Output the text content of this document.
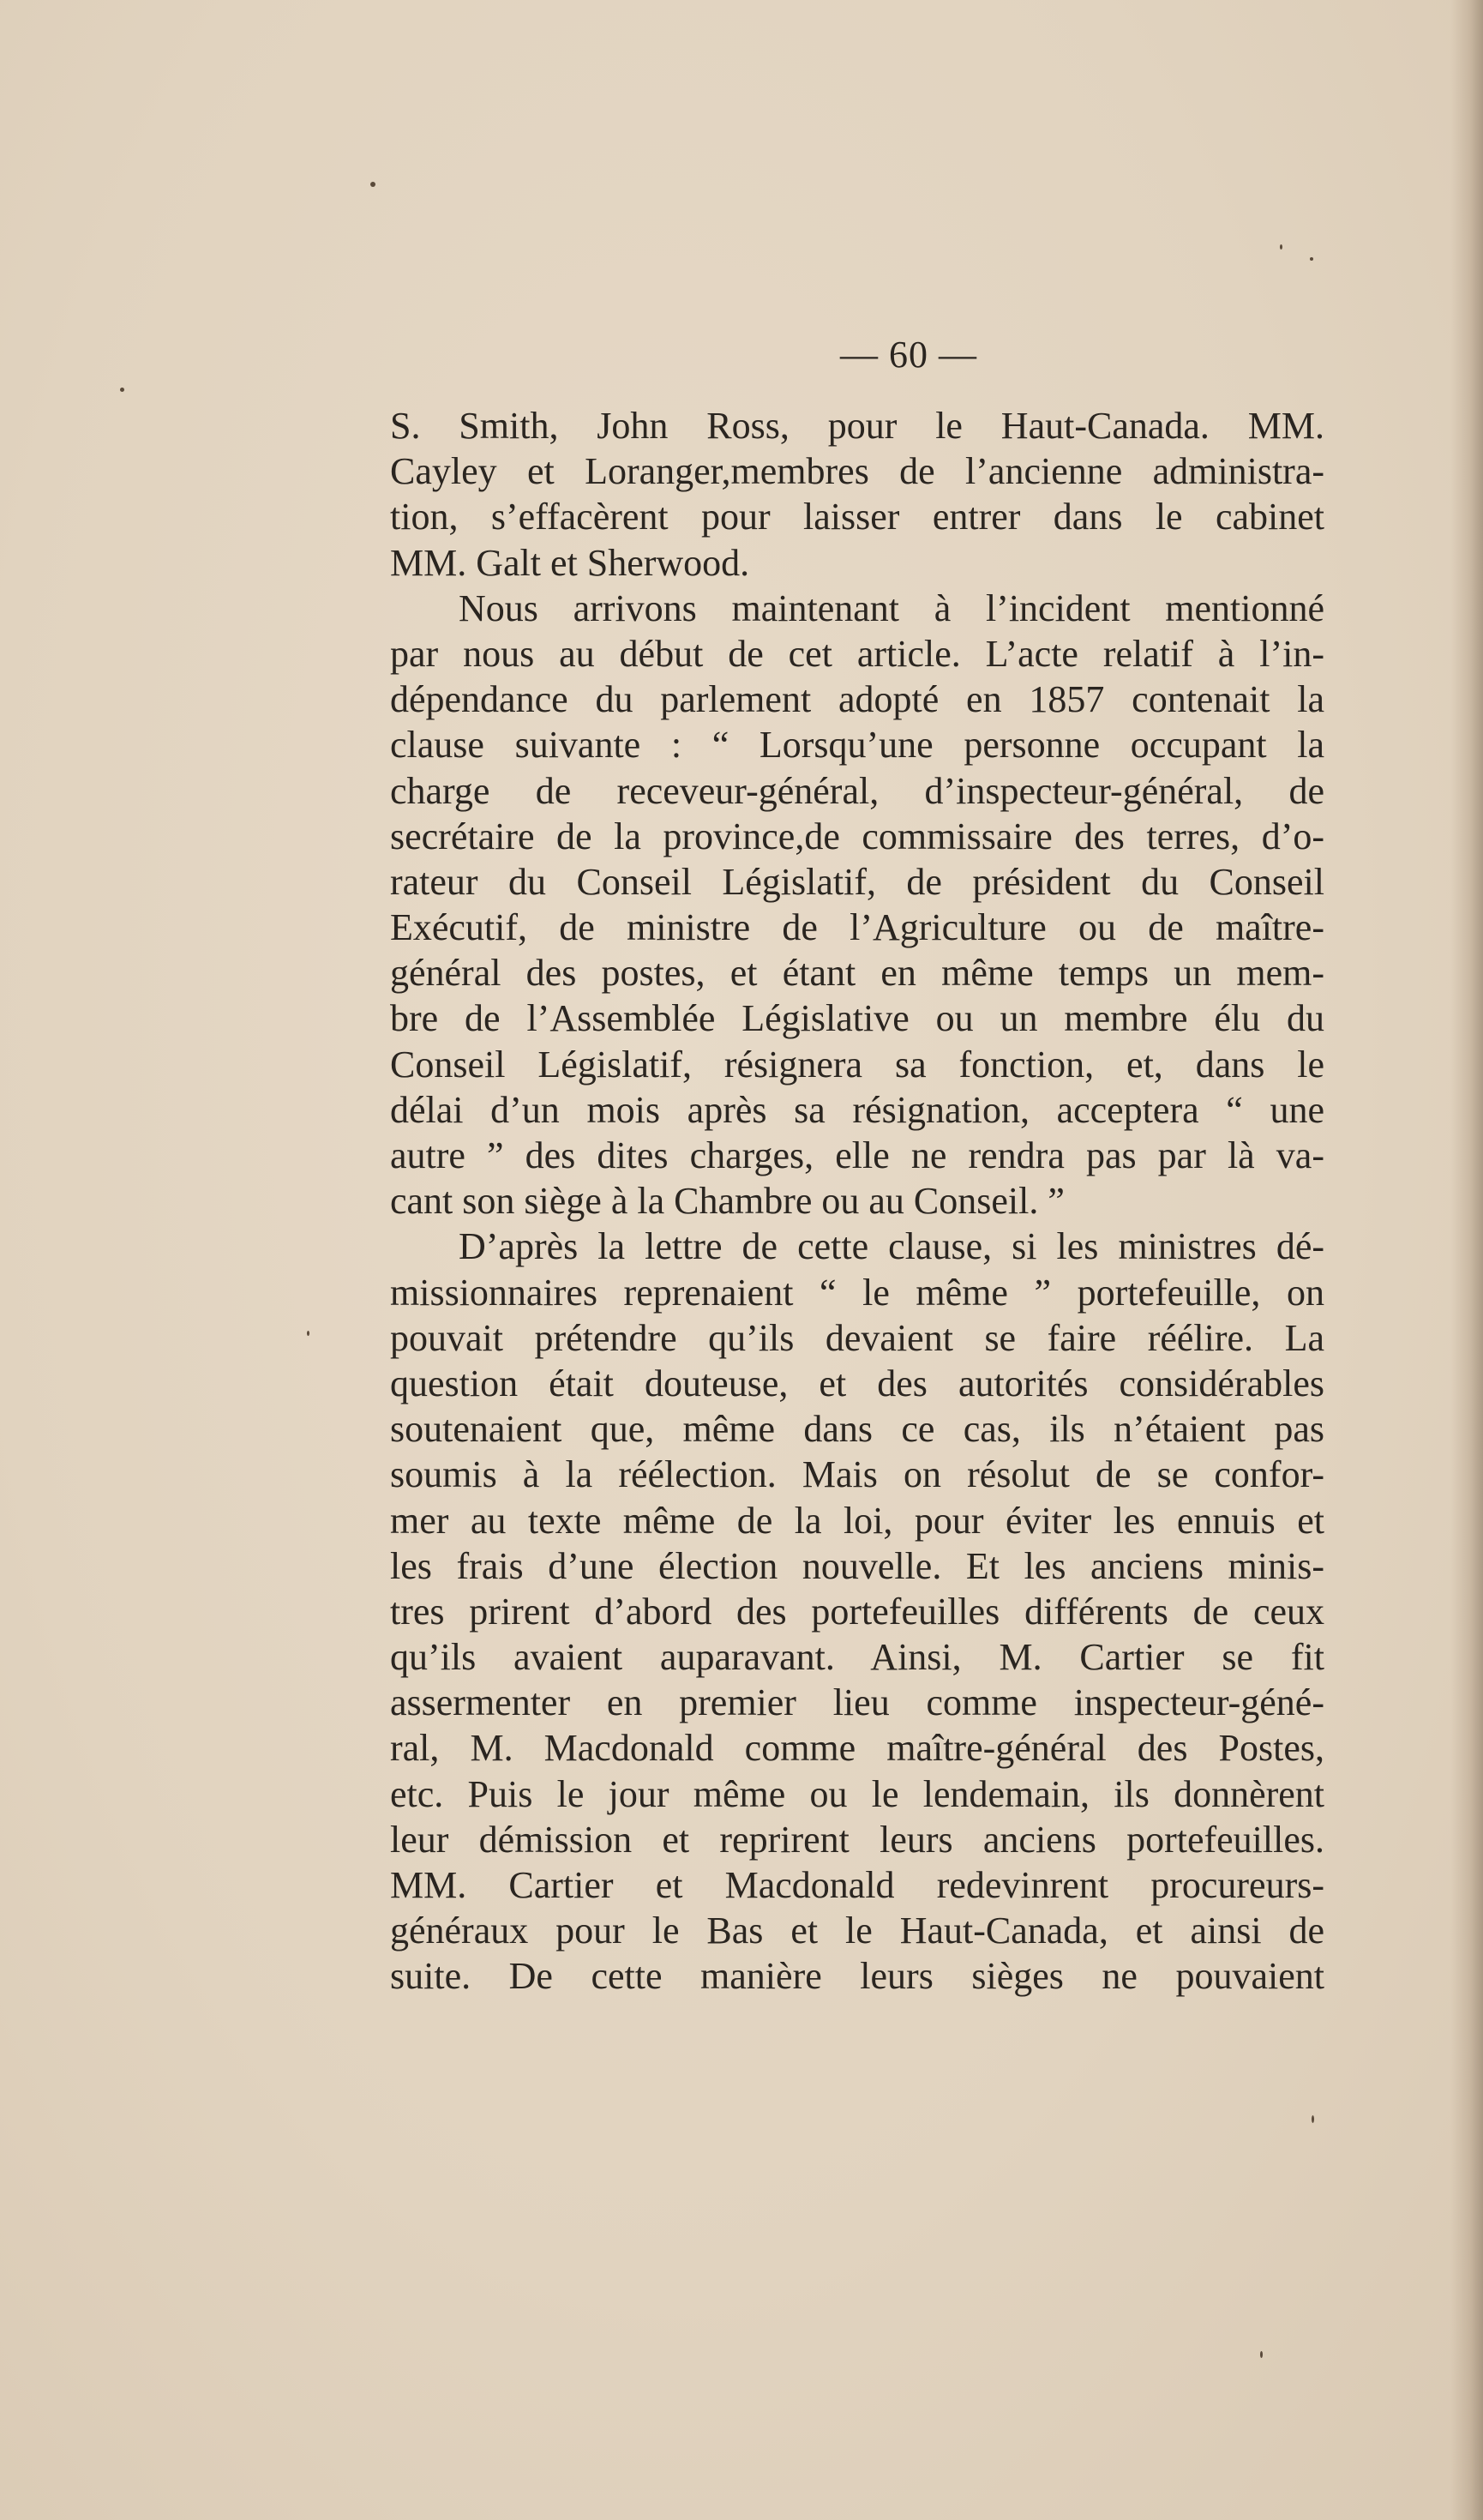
— 60 —
S. Smith, John Ross, pour le Haut-Canada. MM.
Cayley et Loranger,membres de l’ancienne administra-
tion, s’effacèrent pour laisser entrer dans le cabinet
MM. Galt et Sherwood.
Nous arrivons maintenant à l’incident mentionné
par nous au début de cet article. L’acte relatif à l’in-
dépendance du parlement adopté en 1857 contenait la
clause suivante : “ Lorsqu’une personne occupant la
charge de receveur-général, d’inspecteur-général, de
secrétaire de la province,de commissaire des terres, d’o-
rateur du Conseil Législatif, de président du Conseil
Exécutif, de ministre de l’Agriculture ou de maître-
général des postes, et étant en même temps un mem-
bre de l’Assemblée Législative ou un membre élu du
Conseil Législatif, résignera sa fonction, et, dans le
délai d’un mois après sa résignation, acceptera “ une
autre ” des dites charges, elle ne rendra pas par là va-
cant son siège à la Chambre ou au Conseil. ”
D’après la lettre de cette clause, si les ministres dé-
missionnaires reprenaient “ le même ” portefeuille, on
pouvait prétendre qu’ils devaient se faire réélire. La
question était douteuse, et des autorités considérables
soutenaient que, même dans ce cas, ils n’étaient pas
soumis à la réélection. Mais on résolut de se confor-
mer au texte même de la loi, pour éviter les ennuis et
les frais d’une élection nouvelle. Et les anciens minis-
tres prirent d’abord des portefeuilles différents de ceux
qu’ils avaient auparavant. Ainsi, M. Cartier se fit
assermenter en premier lieu comme inspecteur-géné-
ral, M. Macdonald comme maître-général des Postes,
etc. Puis le jour même ou le lendemain, ils donnèrent
leur démission et reprirent leurs anciens portefeuilles.
MM. Cartier et Macdonald redevinrent procureurs-
généraux pour le Bas et le Haut-Canada, et ainsi de
suite. De cette manière leurs sièges ne pouvaient
